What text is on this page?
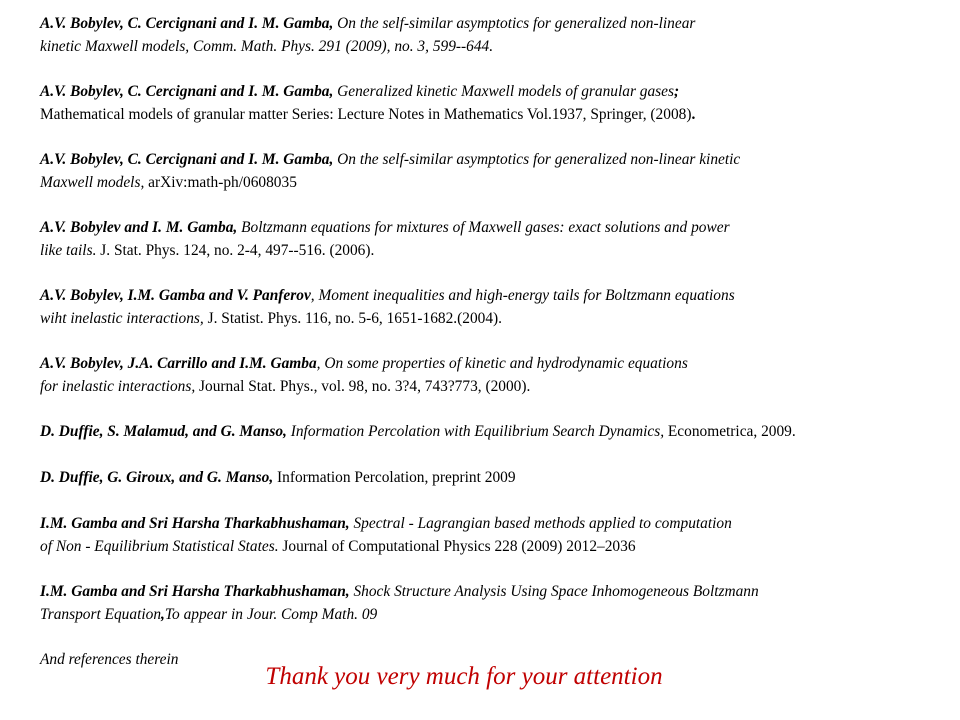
A.V. Bobylev, C. Cercignani and I. M. Gamba, On the self-similar asymptotics for generalized non-linear
kinetic Maxwell models, Comm. Math. Phys. 291 (2009), no. 3, 599--644.
A.V. Bobylev, C. Cercignani and I. M. Gamba, Generalized kinetic Maxwell models of granular gases;
Mathematical models of granular matter Series: Lecture Notes in Mathematics Vol.1937, Springer, (2008).
A.V. Bobylev, C. Cercignani and I. M. Gamba, On the self-similar asymptotics for generalized non-linear kinetic
Maxwell models, arXiv:math-ph/0608035
A.V. Bobylev and I. M. Gamba, Boltzmann equations for mixtures of Maxwell gases: exact solutions and power
like tails. J. Stat. Phys. 124, no. 2-4, 497--516. (2006).
A.V. Bobylev, I.M. Gamba and V. Panferov, Moment inequalities and high-energy tails for Boltzmann equations
wiht inelastic interactions, J. Statist. Phys. 116, no. 5-6, 1651-1682.(2004).
A.V. Bobylev, J.A. Carrillo and I.M. Gamba, On some properties of kinetic and hydrodynamic equations
for inelastic interactions, Journal Stat. Phys., vol. 98, no. 3?4, 743?773, (2000).
D. Duffie, S. Malamud, and G. Manso, Information Percolation with Equilibrium Search Dynamics, Econometrica, 2009.
D. Duffie, G. Giroux, and G. Manso, Information Percolation, preprint 2009
I.M. Gamba and Sri Harsha Tharkabhushaman, Spectral - Lagrangian based methods applied to computation
of Non - Equilibrium Statistical States. Journal of Computational Physics 228 (2009) 2012–2036
I.M. Gamba and Sri Harsha Tharkabhushaman, Shock Structure Analysis Using Space Inhomogeneous Boltzmann
Transport Equation,To appear in Jour. Comp Math. 09

And references therein

Thank you very much for your attention
